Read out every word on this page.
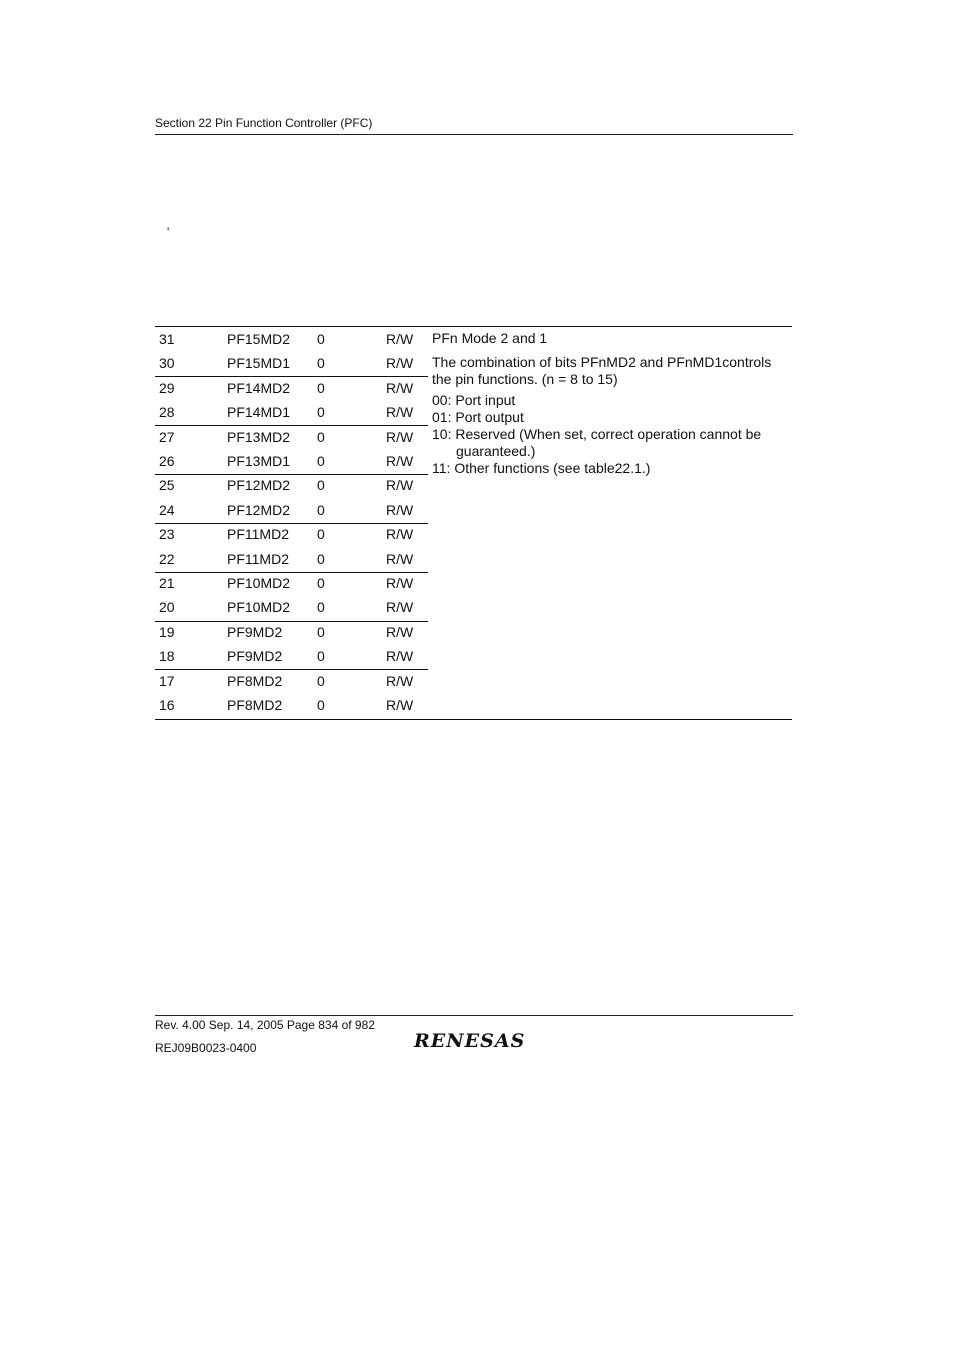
Section 22 Pin Function Controller (PFC)
'
31	PF15MD2 0	R/W
30	PF15MD1 0	R/W
29	PF14MD2 0	R/W
28	PF14MD1 0	R/W
27	PF13MD2 0	R/W
26	PF13MD1 0	R/W
25	PF12MD2 0	R/W
24	PF12MD2 0	R/W
23	PF11MD2 0	R/W
22	PF11MD2 0	R/W
21	PF10MD2 0	R/W
20	PF10MD2 0	R/W
19	PF9MD2 0	R/W
18	PF9MD2 0	R/W
17	PF8MD2 0	R/W
16	PF8MD2 0	R/W

PFn Mode 2 and 1

The combination of bits PFnMD2 and PFnMD1controls the pin functions. (n = 8 to 15)

00: Port input

01: Port output

10: Reserved (When set, correct operation cannot be guaranteed.)

11: Other functions (see table22.1.)

Rev. 4.00 Sep. 14, 2005 Page 834 of 982
REJ09B0023-0400	RENESAS
